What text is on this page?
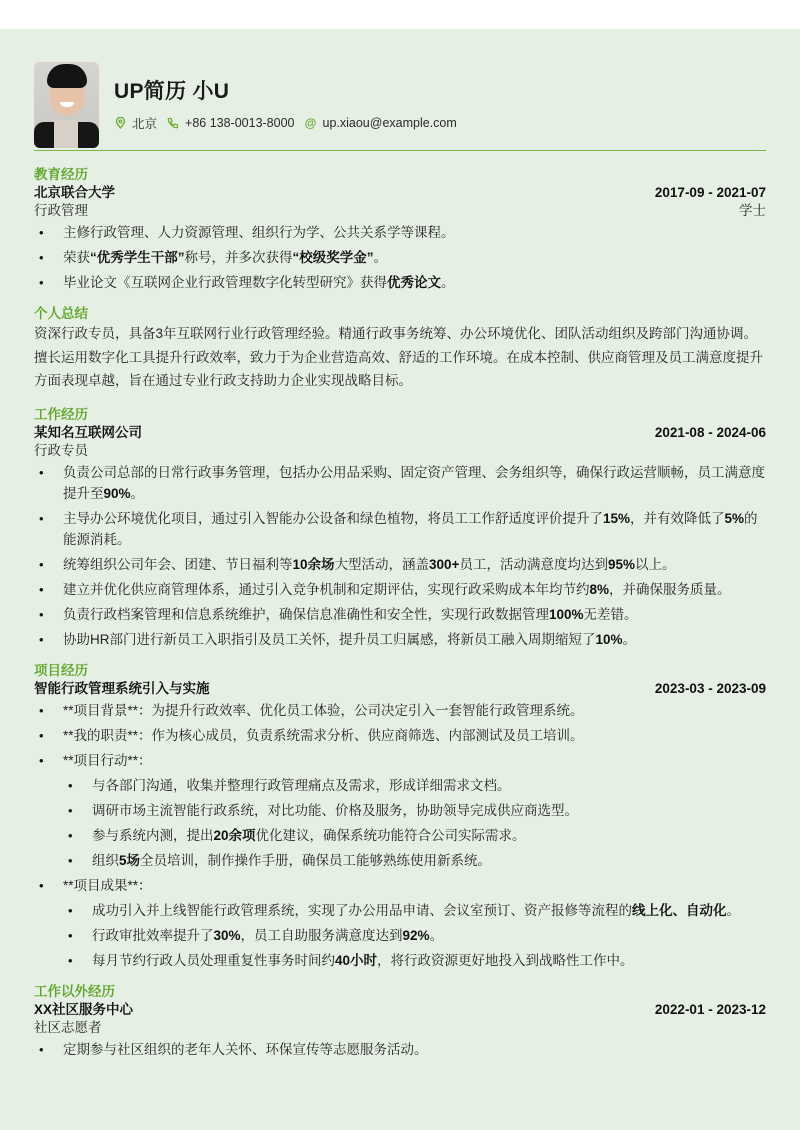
UP简历 小U
北京 +86 138-0013-8000 @ up.xiaou@example.com
教育经历
北京联合大学	2017-09 - 2021-07
行政管理	学士
• 主修行政管理、人力资源管理、组织行为学、公共关系学等课程。
• 荣获“优秀学生干部”称号，并多次获得“校级奖学金”。
• 毕业论文《互联网企业行政管理数字化转型研究》获得优秀论文。
个人总结
资深行政专员，具备3年互联网行业行政管理经验。精通行政事务统筹、办公环境优化、团队活动组织及跨部门沟通协调。擅长运用数字化工具提升行政效率，致力于为企业营造高效、舒适的工作环境。在成本控制、供应商管理及员工满意度提升方面表现卓越，旨在通过专业行政支持助力企业实现战略目标。
工作经历
某知名互联网公司	2021-08 - 2024-06
行政专员
• 负责公司总部的日常行政事务管理，包括办公用品采购、固定资产管理、会务组织等，确保行政运营顺畅，员工满意度提升至90%。
• 主导办公环境优化项目，通过引入智能办公设备和绿色植物，将员工工作舒适度评价提升了15%，并有效降低了5%的能源消耗。
• 统筹组织公司年会、团建、节日福利等10余场大型活动，涵盖300+员工，活动满意度均达到95%以上。
• 建立并优化供应商管理体系，通过引入竞争机制和定期评估，实现行政采购成本年均节约8%，并确保服务质量。
• 负责行政档案管理和信息系统维护，确保信息准确性和安全性，实现行政数据管理100%无差错。
• 协助HR部门进行新员工入职指引及员工关怀，提升员工归属感，将新员工融入周期缩短了10%。
项目经历
智能行政管理系统引入与实施	2023-03 - 2023-09
• **项目背景**：为提升行政效率、优化员工体验，公司决定引入一套智能行政管理系统。
• **我的职责**：作为核心成员，负责系统需求分析、供应商筛选、内部测试及员工培训。
• **项目行动**：
• 与各部门沟通，收集并整理行政管理痛点及需求，形成详细需求文档。
• 调研市场主流智能行政系统，对比功能、价格及服务，协助领导完成供应商选型。
• 参与系统内测，提出20余项优化建议，确保系统功能符合公司实际需求。
• 组织5场全员培训，制作操作手册，确保员工能够熟练使用新系统。
• **项目成果**：
• 成功引入并上线智能行政管理系统，实现了办公用品申请、会议室预订、资产报修等流程的线上化、自动化。
• 行政审批效率提升了30%，员工自助服务满意度达到92%。
• 每月节约行政人员处理重复性事务时间约40小时，将行政资源更好地投入到战略性工作中。
工作以外经历
XX社区服务中心	2022-01 - 2023-12
社区志愿者
• 定期参与社区组织的老年人关怀、环保宣传等志愿服务活动。
